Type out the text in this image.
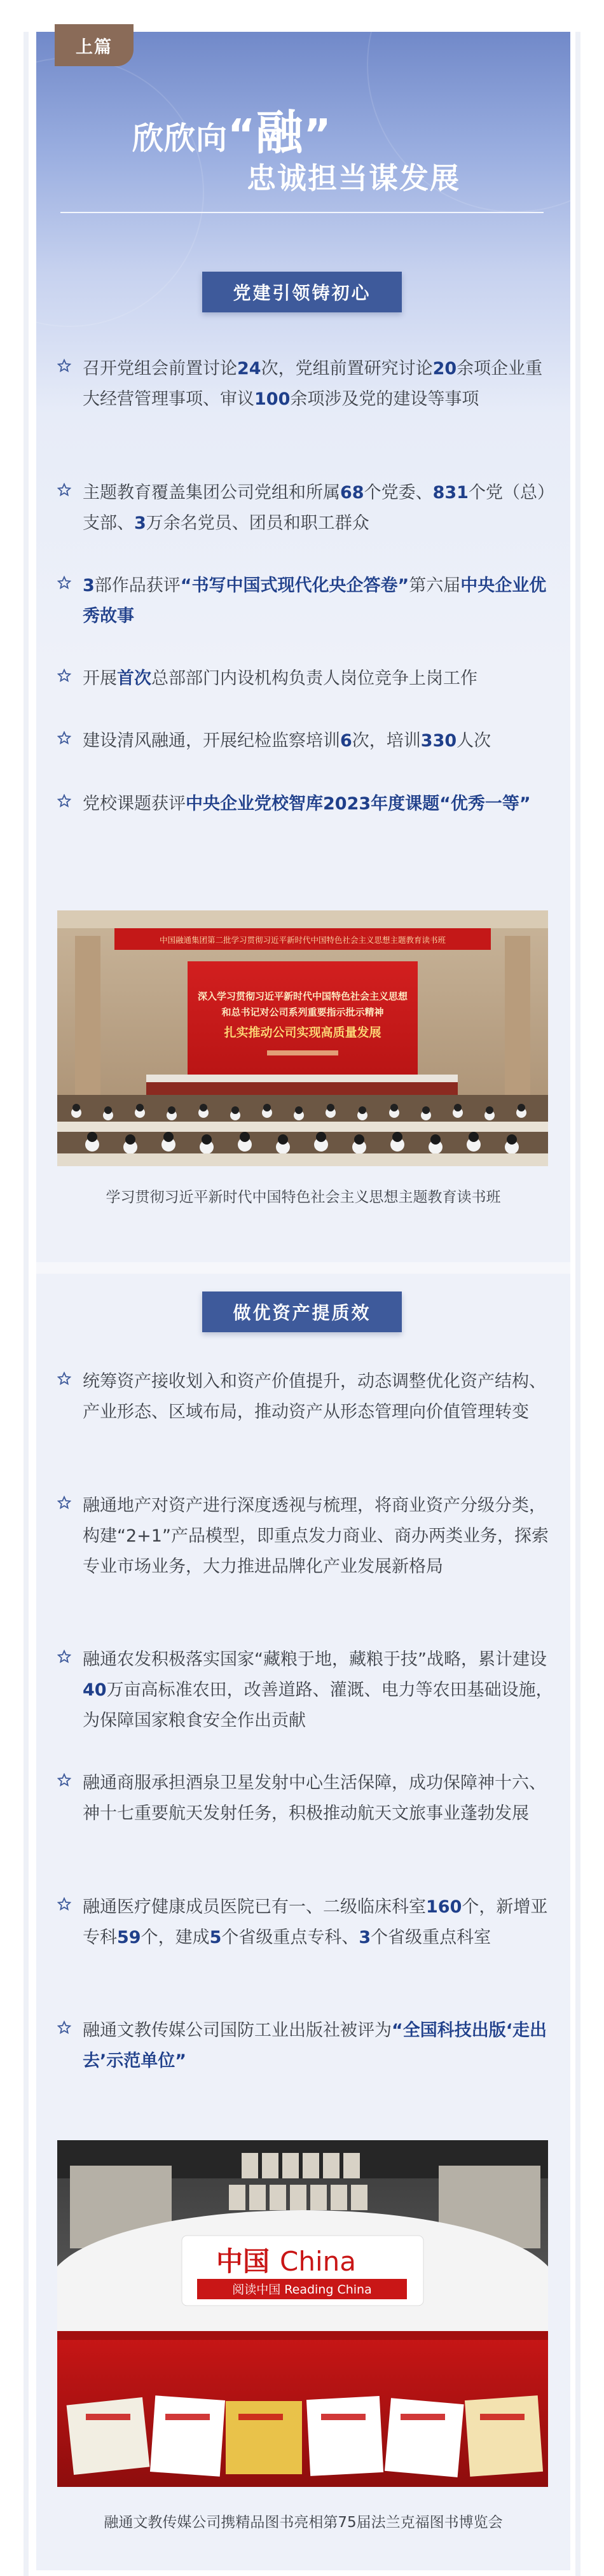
上篇
欣欣向“融”
忠诚担当谋发展
党建引领铸初心

召开党组会前置讨论24次，党组前置研究讨论20余项企业重大经营管理事项、审议100余项涉及党的建设等事项

主题教育覆盖集团公司党组和所属68个党委、831个党（总）支部、3万余名党员、团员和职工群众

3部作品获评“书写中国式现代化央企答卷”第六届中央企业优秀故事

开展首次总部部门内设机构负责人岗位竞争上岗工作

建设清风融通，开展纪检监察培训6次，培训330人次

党校课题获评中央企业党校智库2023年度课题“优秀一等”

中国融通集团第二批学习贯彻习近平新时代中国特色社会主义思想主题教育读书班
深入学习贯彻习近平新时代中国特色社会主义思想
和总书记对公司系列重要指示批示精神
扎实推动公司实现高质量发展
学习贯彻习近平新时代中国特色社会主义思想主题教育读书班
做优资产提质效

统筹资产接收划入和资产价值提升，动态调整优化资产结构、产业形态、区域布局，推动资产从形态管理向价值管理转变

融通地产对资产进行深度透视与梳理，将商业资产分级分类，构建“2+1”产品模型，即重点发力商业、商办两类业务，探索专业市场业务，大力推进品牌化产业发展新格局

融通农发积极落实国家“藏粮于地，藏粮于技”战略，累计建设40万亩高标准农田，改善道路、灌溉、电力等农田基础设施，为保障国家粮食安全作出贡献

融通商服承担酒泉卫星发射中心生活保障，成功保障神十六、神十七重要航天发射任务，积极推动航天文旅事业蓬勃发展

融通医疗健康成员医院已有一、二级临床科室160个，新增亚专科59个，建成5个省级重点专科、3个省级重点科室

融通文教传媒公司国防工业出版社被评为“全国科技出版‘走出去’示范单位”

中国 China
阅读中国 Reading China
融通文教传媒公司携精品图书亮相第75届法兰克福图书博览会
